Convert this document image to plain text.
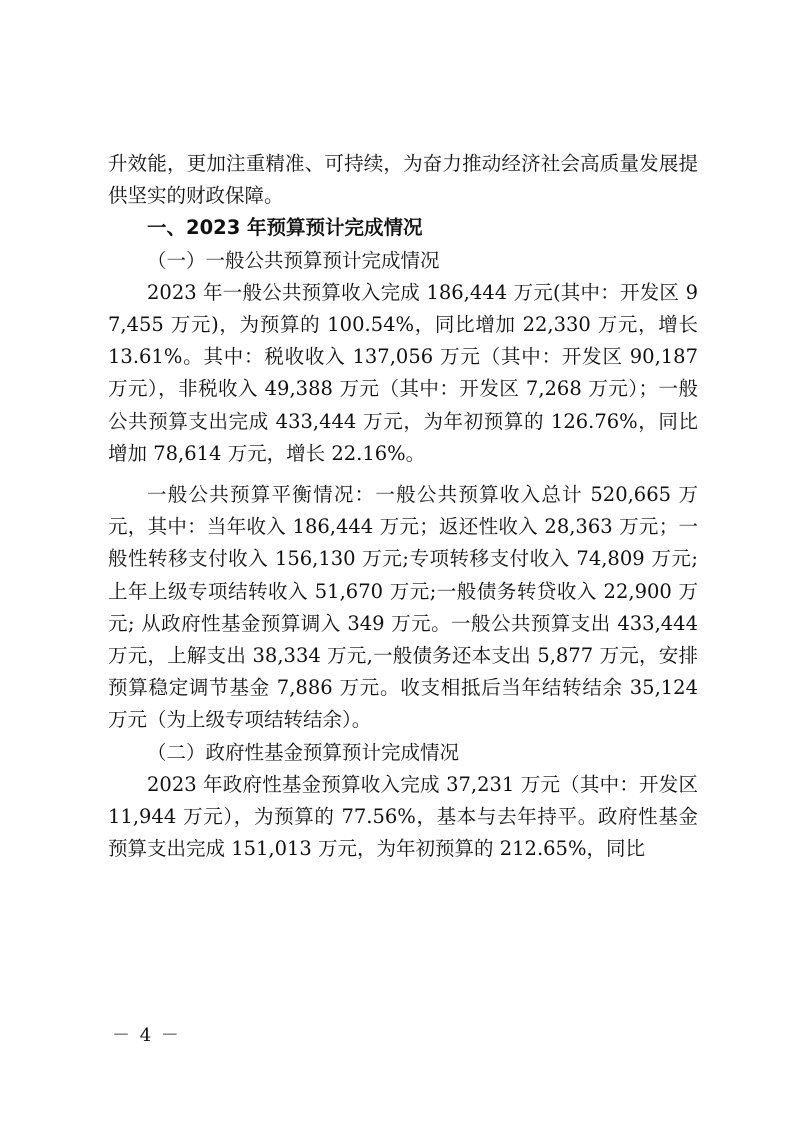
升效能，更加注重精准、可持续，为奋力推动经济社会高质量发展提供坚实的财政保障。

一、2023 年预算预计完成情况

（一）一般公共预算预计完成情况

2023 年一般公共预算收入完成 186,444 万元(其中：开发区 97,455 万元)，为预算的 100.54%，同比增加 22,330 万元，增长 13.61%。其中：税收收入 137,056 万元（其中：开发区 90,187 万元），非税收入 49,388 万元（其中：开发区 7,268 万元）；一般公共预算支出完成 433,444 万元，为年初预算的 126.76%，同比增加 78,614 万元，增长 22.16%。

一般公共预算平衡情况：一般公共预算收入总计 520,665 万元，其中：当年收入 186,444 万元；返还性收入 28,363 万元；一般性转移支付收入 156,130 万元;专项转移支付收入 74,809 万元;上年上级专项结转收入 51,670 万元;一般债务转贷收入 22,900 万元; 从政府性基金预算调入 349 万元。一般公共预算支出 433,444 万元，上解支出 38,334 万元,一般债务还本支出 5,877 万元，安排预算稳定调节基金 7,886 万元。收支相抵后当年结转结余 35,124 万元（为上级专项结转结余）。

（二）政府性基金预算预计完成情况

2023 年政府性基金预算收入完成 37,231 万元（其中：开发区 11,944 万元），为预算的 77.56%，基本与去年持平。政府性基金预算支出完成 151,013 万元，为年初预算的 212.65%，同比

－ 4 －
